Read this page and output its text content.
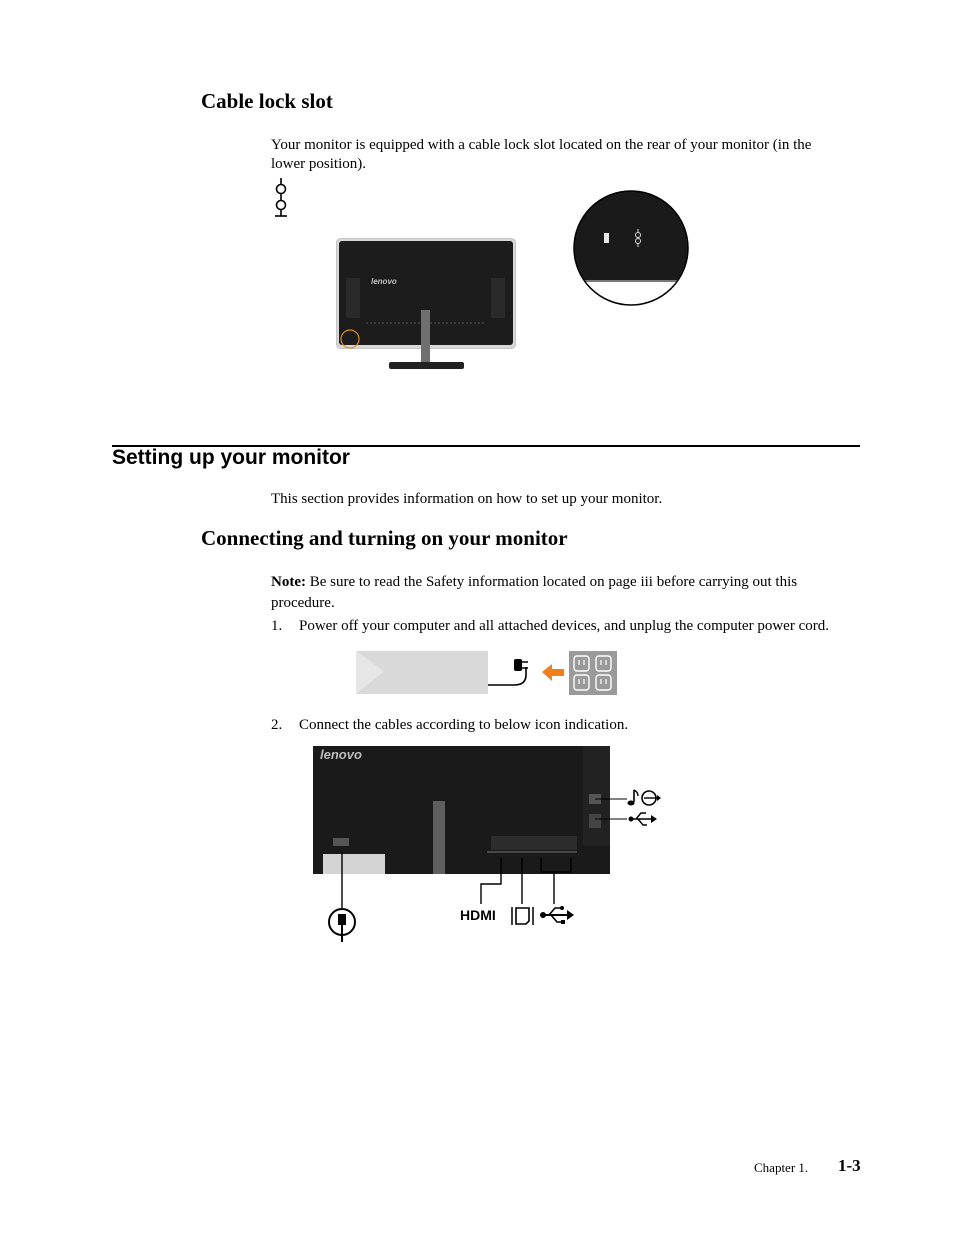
Cable lock slot
Your monitor is equipped with a cable lock slot located on the rear of your monitor (in the lower position).
lenovo
Setting up your monitor
This section provides information on how to set up your monitor.
Connecting and turning on your monitor
Note: Be sure to read the Safety information located on page iii before carrying out this procedure.
1. Power off your computer and all attached devices, and unplug the computer power cord.
2. Connect the cables according to below icon indication.
lenovo
HDMI
Chapter 1. 1-3
